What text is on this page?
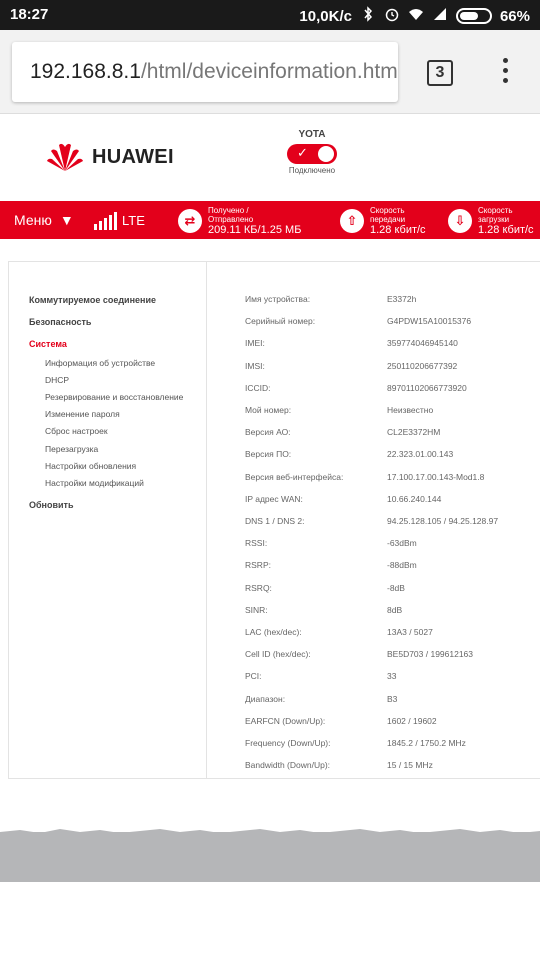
18:27	10,0K/c	66%
192.168.8.1/html/deviceinformation.htm	3
HUAWEI
YOTA
✓
Подключено
Меню ▼	LTE	⇄
Получено / Отправлено
209.11 КБ/1.25 МБ
⇧
Скорость передачи
1.28 кбит/с
⇩
Скорость загрузки
1.28 кбит/с
Коммутируемое соединение
Безопасность
Система
Информация об устройстве
DHCP
Резервирование и восстановление
Изменение пароля
Сброс настроек
Перезагрузка
Настройки обновления
Настройки модификаций
Обновить
Имя устройства:	E3372h
Серийный номер:	G4PDW15A10015376
IMEI:	359774046945140
IMSI:	250110206677392
ICCID:	89701102066773920
Мой номер:	Неизвестно
Версия АО:	CL2E3372HM
Версия ПО:	22.323.01.00.143
Версия веб-интерфейса:	17.100.17.00.143-Mod1.8
IP адрес WAN:	10.66.240.144
DNS 1 / DNS 2:	94.25.128.105 / 94.25.128.97
RSSI:	-63dBm
RSRP:	-88dBm
RSRQ:	-8dB
SINR:	8dB
LAC (hex/dec):	13A3 / 5027
Cell ID (hex/dec):	BE5D703 / 199612163
PCI:	33
Диапазон:	B3
EARFCN (Down/Up):	1602 / 19602
Frequency (Down/Up):	1845.2 / 1750.2 MHz
Bandwidth (Down/Up):	15 / 15 MHz
